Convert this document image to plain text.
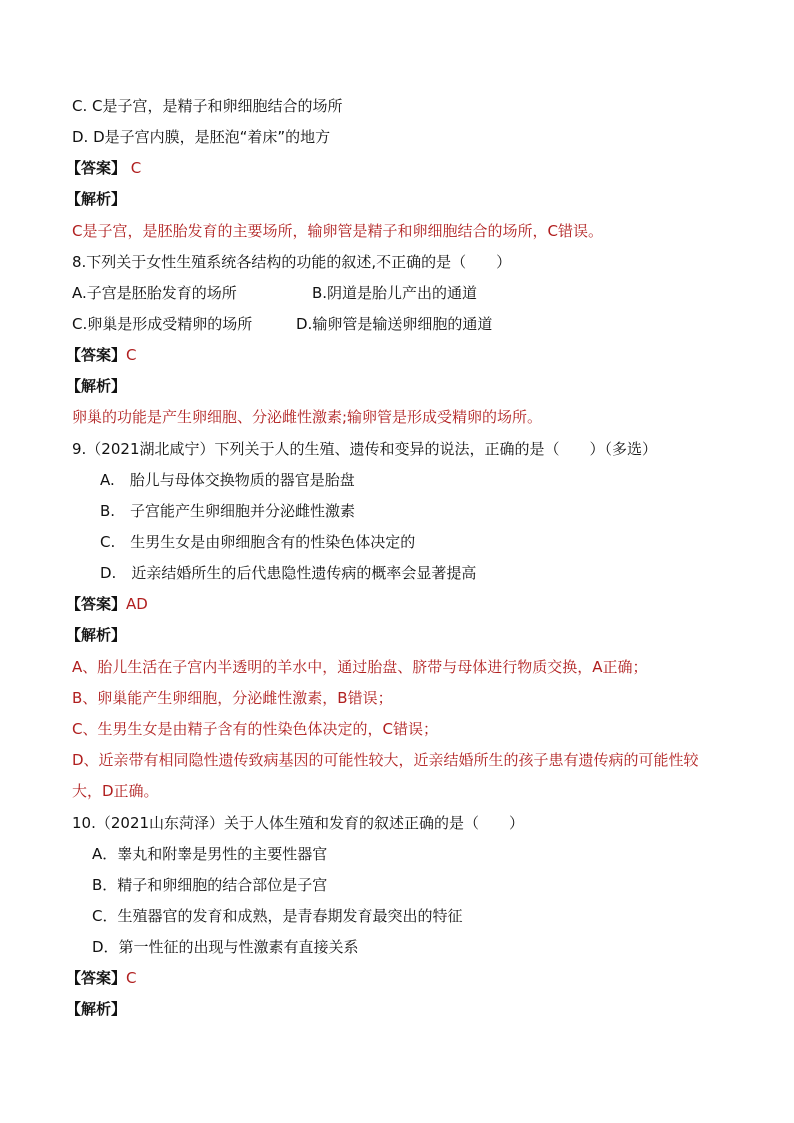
C. C是子宫，是精子和卵细胞结合的场所
D. D是子宫内膜，是胚泡“着床”的地方
【答案】 C
【解析】
C是子宫，是胚胎发育的主要场所，输卵管是精子和卵细胞结合的场所，C错误。
8.下列关于女性生殖系统各结构的功能的叙述,不正确的是（　　）
A.子宫是胚胎发育的场所	B.阴道是胎儿产出的通道
C.卵巢是形成受精卵的场所	D.输卵管是输送卵细胞的通道
【答案】C
【解析】
卵巢的功能是产生卵细胞、分泌雌性激素;输卵管是形成受精卵的场所。
9.（2021湖北咸宁）下列关于人的生殖、遗传和变异的说法，正确的是（　　）（多选）
A.　胎儿与母体交换物质的器官是胎盘
B.　子宫能产生卵细胞并分泌雌性激素
C.　生男生女是由卵细胞含有的性染色体决定的
D.　近亲结婚所生的后代患隐性遗传病的概率会显著提高
【答案】AD
【解析】
A、胎儿生活在子宫内半透明的羊水中，通过胎盘、脐带与母体进行物质交换，A正确；
B、卵巢能产生卵细胞，分泌雌性激素，B错误；
C、生男生女是由精子含有的性染色体决定的，C错误；
D、近亲带有相同隐性遗传致病基因的可能性较大，近亲结婚所生的孩子患有遗传病的可能性较大，D正确。
10.（2021山东菏泽）关于人体生殖和发育的叙述正确的是（　　）
A．睾丸和附睾是男性的主要性器官
B．精子和卵细胞的结合部位是子宫
C．生殖器官的发育和成熟，是青春期发育最突出的特征
D．第一性征的出现与性激素有直接关系
【答案】C
【解析】
